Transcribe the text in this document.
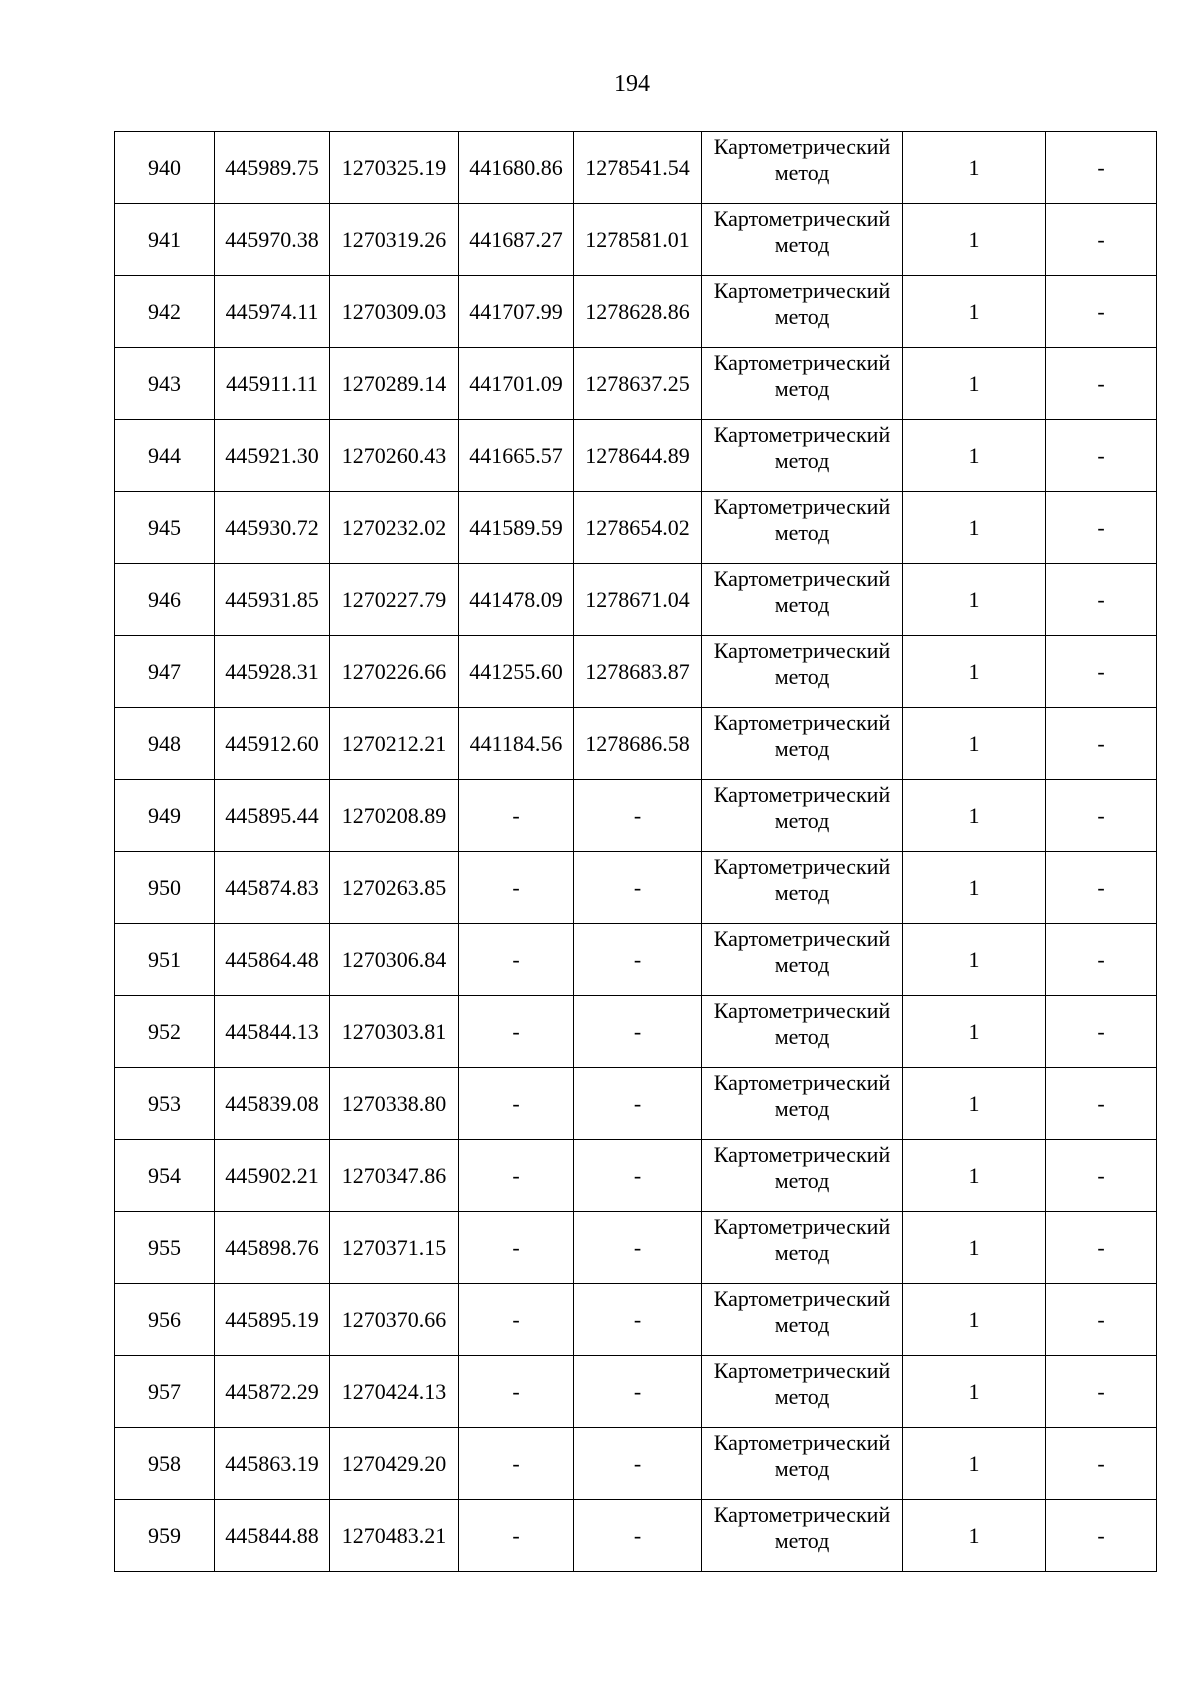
194
940	445989.75	1270325.19	441680.86	1278541.54	Картометрический
метод	1	-
941	445970.38	1270319.26	441687.27	1278581.01	Картометрический
метод	1	-
942	445974.11	1270309.03	441707.99	1278628.86	Картометрический
метод	1	-
943	445911.11	1270289.14	441701.09	1278637.25	Картометрический
метод	1	-
944	445921.30	1270260.43	441665.57	1278644.89	Картометрический
метод	1	-
945	445930.72	1270232.02	441589.59	1278654.02	Картометрический
метод	1	-
946	445931.85	1270227.79	441478.09	1278671.04	Картометрический
метод	1	-
947	445928.31	1270226.66	441255.60	1278683.87	Картометрический
метод	1	-
948	445912.60	1270212.21	441184.56	1278686.58	Картометрический
метод	1	-
949	445895.44	1270208.89	-	-	Картометрический
метод	1	-
950	445874.83	1270263.85	-	-	Картометрический
метод	1	-
951	445864.48	1270306.84	-	-	Картометрический
метод	1	-
952	445844.13	1270303.81	-	-	Картометрический
метод	1	-
953	445839.08	1270338.80	-	-	Картометрический
метод	1	-
954	445902.21	1270347.86	-	-	Картометрический
метод	1	-
955	445898.76	1270371.15	-	-	Картометрический
метод	1	-
956	445895.19	1270370.66	-	-	Картометрический
метод	1	-
957	445872.29	1270424.13	-	-	Картометрический
метод	1	-
958	445863.19	1270429.20	-	-	Картометрический
метод	1	-
959	445844.88	1270483.21	-	-	Картометрический
метод	1	-
